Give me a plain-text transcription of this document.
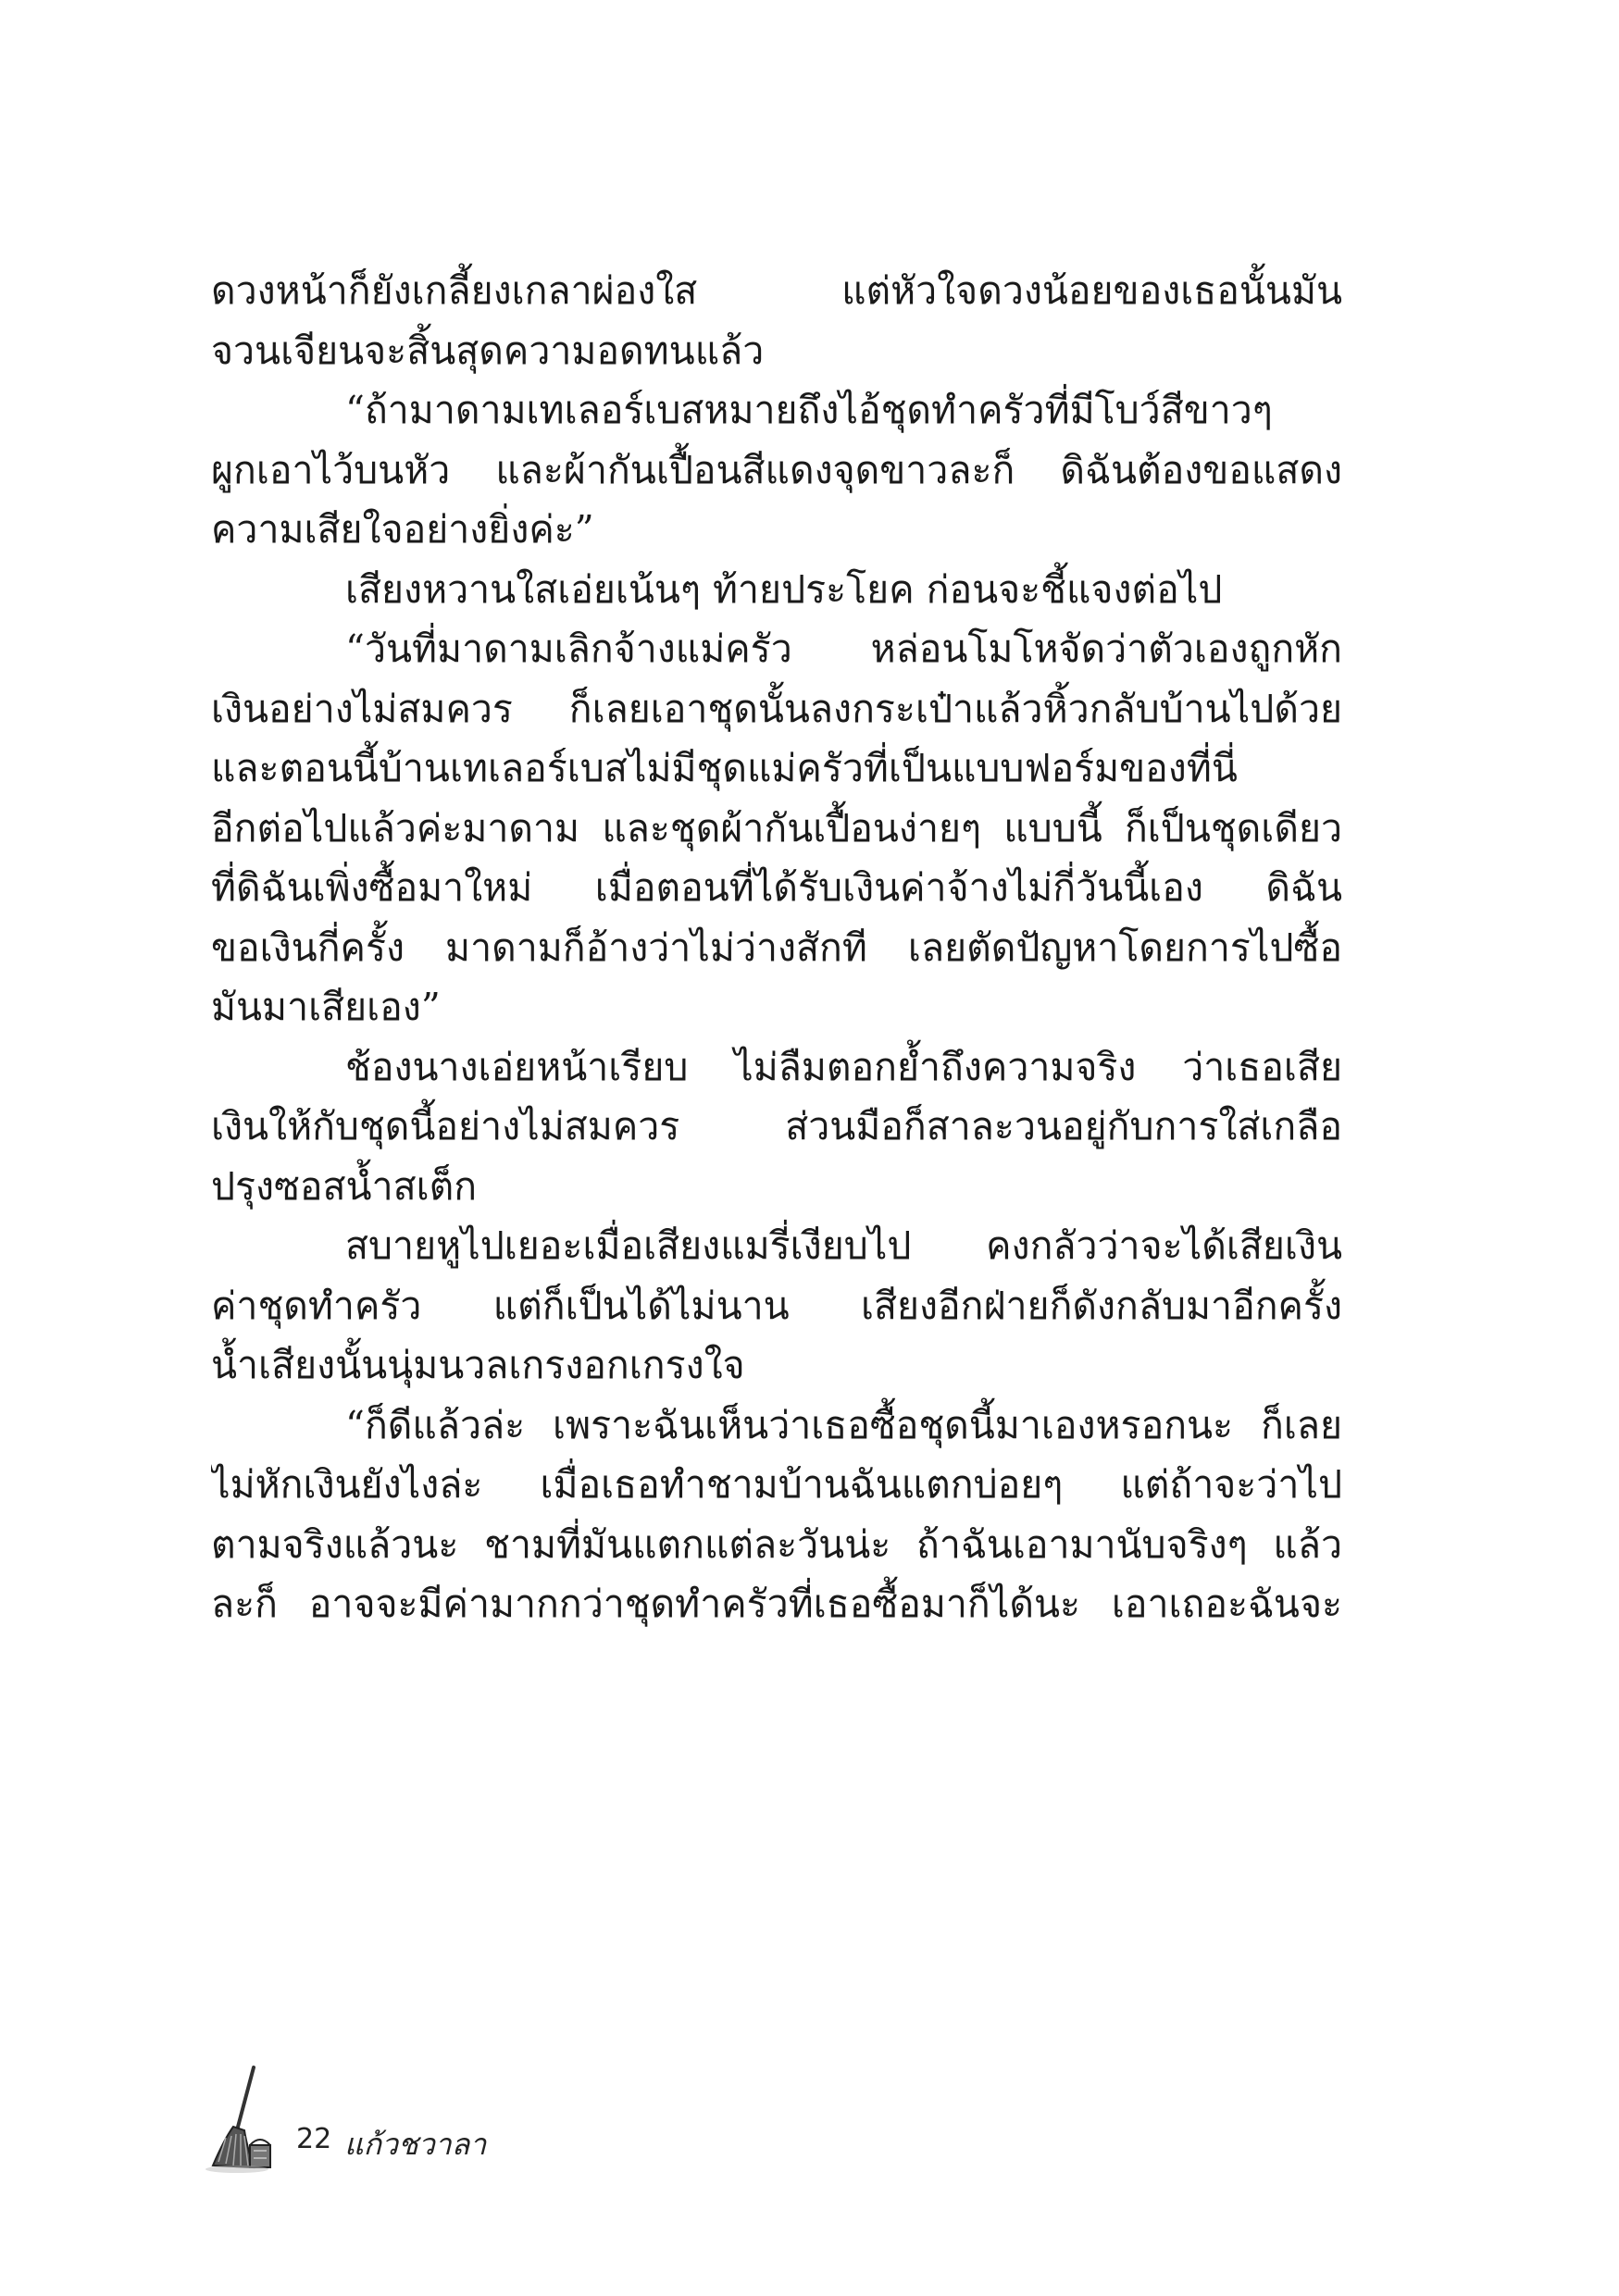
ดวงหน้าก็ยังเกลี้ยงเกลาผ่องใส แต่หัวใจดวงน้อยของเธอนั้นมัน
จวนเจียนจะสิ้นสุดความอดทนแล้ว
“ถ้ามาดามเทเลอร์เบสหมายถึงไอ้ชุดทำครัวที่มีโบว์สีขาวๆ
ผูกเอาไว้บนหัว และผ้ากันเปื้อนสีแดงจุดขาวละก็ ดิฉันต้องขอแสดง
ความเสียใจอย่างยิ่งค่ะ”
เสียงหวานใสเอ่ยเน้นๆ ท้ายประโยค ก่อนจะชี้แจงต่อไป
“วันที่มาดามเลิกจ้างแม่ครัว หล่อนโมโหจัดว่าตัวเองถูกหัก
เงินอย่างไม่สมควร ก็เลยเอาชุดนั้นลงกระเป๋าแล้วหิ้วกลับบ้านไปด้วย
และตอนนี้บ้านเทเลอร์เบสไม่มีชุดแม่ครัวที่เป็นแบบฟอร์มของที่นี่
อีกต่อไปแล้วค่ะมาดาม และชุดผ้ากันเปื้อนง่ายๆ แบบนี้ ก็เป็นชุดเดียว
ที่ดิฉันเพิ่งซื้อมาใหม่ เมื่อตอนที่ได้รับเงินค่าจ้างไม่กี่วันนี้เอง ดิฉัน
ขอเงินกี่ครั้ง มาดามก็อ้างว่าไม่ว่างสักที เลยตัดปัญหาโดยการไปซื้อ
มันมาเสียเอง”
ช้องนางเอ่ยหน้าเรียบ ไม่ลืมตอกย้ำถึงความจริง ว่าเธอเสีย
เงินให้กับชุดนี้อย่างไม่สมควร ส่วนมือก็สาละวนอยู่กับการใส่เกลือ
ปรุงซอสน้ำสเต็ก
สบายหูไปเยอะเมื่อเสียงแมรี่เงียบไป คงกลัวว่าจะได้เสียเงิน
ค่าชุดทำครัว แต่ก็เป็นได้ไม่นาน เสียงอีกฝ่ายก็ดังกลับมาอีกครั้ง
น้ำเสียงนั้นนุ่มนวลเกรงอกเกรงใจ
“ก็ดีแล้วล่ะ เพราะฉันเห็นว่าเธอซื้อชุดนี้มาเองหรอกนะ ก็เลย
ไม่หักเงินยังไงล่ะ เมื่อเธอทำชามบ้านฉันแตกบ่อยๆ แต่ถ้าจะว่าไป
ตามจริงแล้วนะ ชามที่มันแตกแต่ละวันน่ะ ถ้าฉันเอามานับจริงๆ แล้ว
ละก็ อาจจะมีค่ามากกว่าชุดทำครัวที่เธอซื้อมาก็ได้นะ เอาเถอะฉันจะ
22 แก้วชวาลา
